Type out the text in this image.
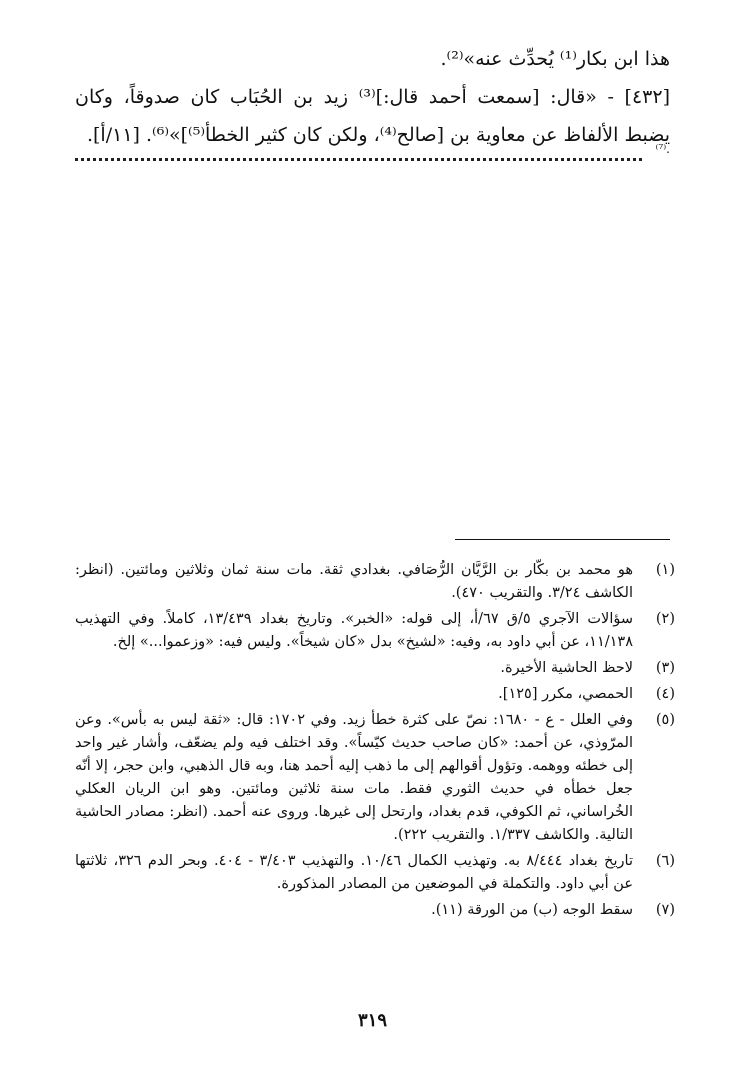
هذا ابن بكار⁽¹⁾ يُحدِّث عنه»⁽²⁾.

[٤٣٢] - «قال: [سمعت أحمد قال:]⁽³⁾ زيد بن الحُبَاب كان صدوقاً، وكان يضبط الألفاظ عن معاوية بن [صالح⁽⁴⁾، ولكن كان كثير الخطأ⁽⁵⁾]»⁽⁶⁾. [١١/أ].

.⁽⁷⁾
(١)
هو محمد بن بكّار بن الرَّيَّان الرُّصَافي. بغدادي ثقة. مات سنة ثمان وثلاثين ومائتين. (انظر: الكاشف ٣/٢٤. والتقريب ٤٧٠).
(٢)
سؤالات الآجري ٥/ق ٦٧/أ، إلى قوله: «الخبر». وتاريخ بغداد ١٣/٤٣٩، كاملاً. وفي التهذيب ١١/١٣٨، عن أبي داود به، وفيه: «لشيخ» بدل «كان شيخاً». وليس فيه: «وزعموا...» إلخ.
(٣)
لاحظ الحاشية الأخيرة.
(٤)
الحمصي، مكرر [١٢٥].
(٥)
وفي العلل - ع - ١٦٨٠: نصّ على كثرة خطأ زيد. وفي ١٧٠٢: قال: «ثقة ليس به بأس». وعن المرّوذي، عن أحمد: «كان صاحب حديث كيّساً». وقد اختلف فيه ولم يضعّف، وأشار غير واحد إلى خطئه ووهمه. وتؤول أقوالهم إلى ما ذهب إليه أحمد هنا، وبه قال الذهبي، وابن حجر، إلا أنّه جعل خطأه في حديث الثوري فقط. مات سنة ثلاثين ومائتين. وهو ابن الريان العكلي الخُراساني، ثم الكوفي، قدم بغداد، وارتحل إلى غيرها. وروى عنه أحمد. (انظر: مصادر الحاشية التالية. والكاشف ١/٣٣٧. والتقريب ٢٢٢).
(٦)
تاريخ بغداد ٨/٤٤٤ به. وتهذيب الكمال ١٠/٤٦. والتهذيب ٣/٤٠٣ - ٤٠٤. وبحر الدم ٣٢٦، ثلاثتها عن أبي داود. والتكملة في الموضعين من المصادر المذكورة.
(٧)
سقط الوجه (ب) من الورقة (١١).
٣١٩
